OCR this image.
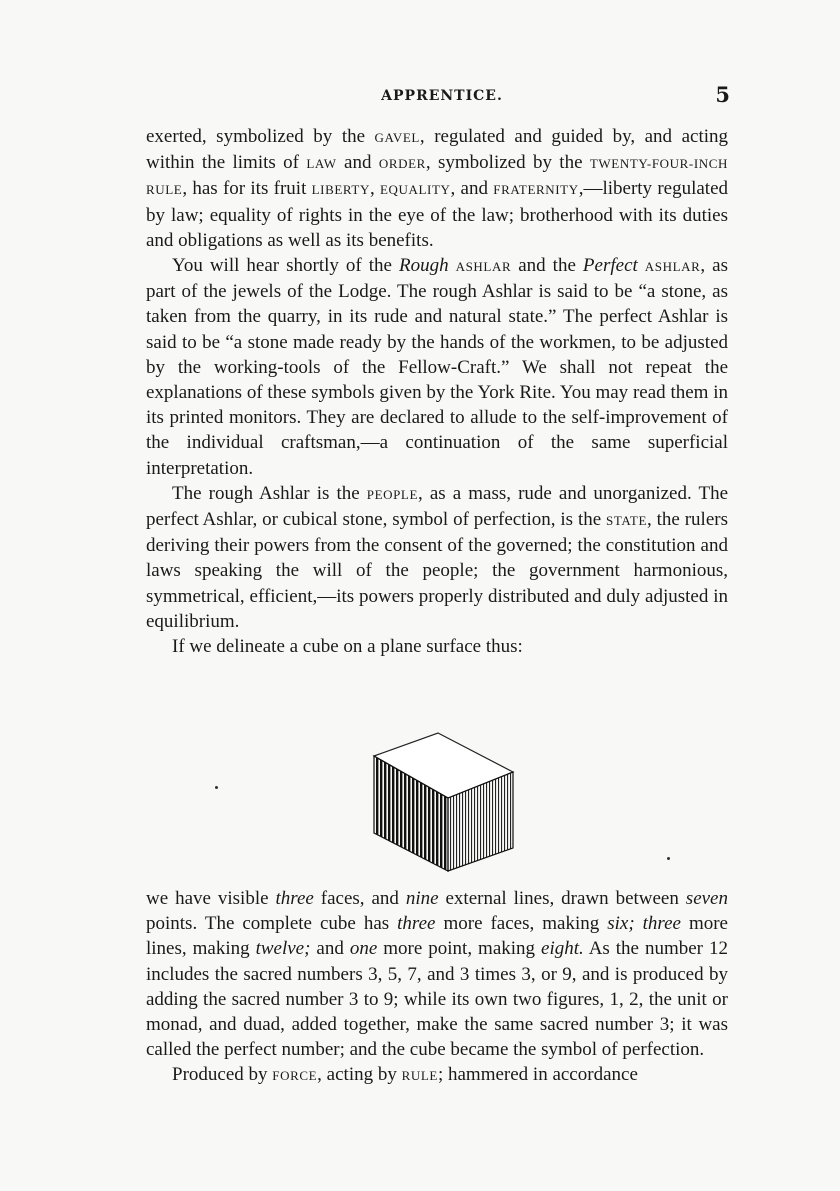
APPRENTICE.	5

exerted, symbolized by the GAVEL, regulated and guided by, and acting within the limits of LAW and ORDER, symbolized by the TWENTY-FOUR-INCH RULE, has for its fruit LIBERTY, EQUALITY, and FRATERNITY,—liberty regulated by law; equality of rights in the eye of the law; brotherhood with its duties and obligations as well as its benefits.

You will hear shortly of the Rough ASHLAR and the Perfect ASHLAR, as part of the jewels of the Lodge. The rough Ashlar is said to be “a stone, as taken from the quarry, in its rude and natural state.” The perfect Ashlar is said to be “a stone made ready by the hands of the workmen, to be adjusted by the working-tools of the Fellow-Craft.” We shall not repeat the explanations of these symbols given by the York Rite. You may read them in its printed monitors. They are declared to allude to the self-improvement of the individual craftsman,—a continuation of the same superficial interpretation.

The rough Ashlar is the PEOPLE, as a mass, rude and unorganized. The perfect Ashlar, or cubical stone, symbol of perfection, is the STATE, the rulers deriving their powers from the consent of the governed; the constitution and laws speaking the will of the people; the government harmonious, symmetrical, efficient,—its powers properly distributed and duly adjusted in equilibrium.

If we delineate a cube on a plane surface thus:

we have visible three faces, and nine external lines, drawn between seven points. The complete cube has three more faces, making six; three more lines, making twelve; and one more point, making eight. As the number 12 includes the sacred numbers 3, 5, 7, and 3 times 3, or 9, and is produced by adding the sacred number 3 to 9; while its own two figures, 1, 2, the unit or monad, and duad, added together, make the same sacred number 3; it was called the perfect number; and the cube became the symbol of perfection.

Produced by FORCE, acting by RULE; hammered in accordance
